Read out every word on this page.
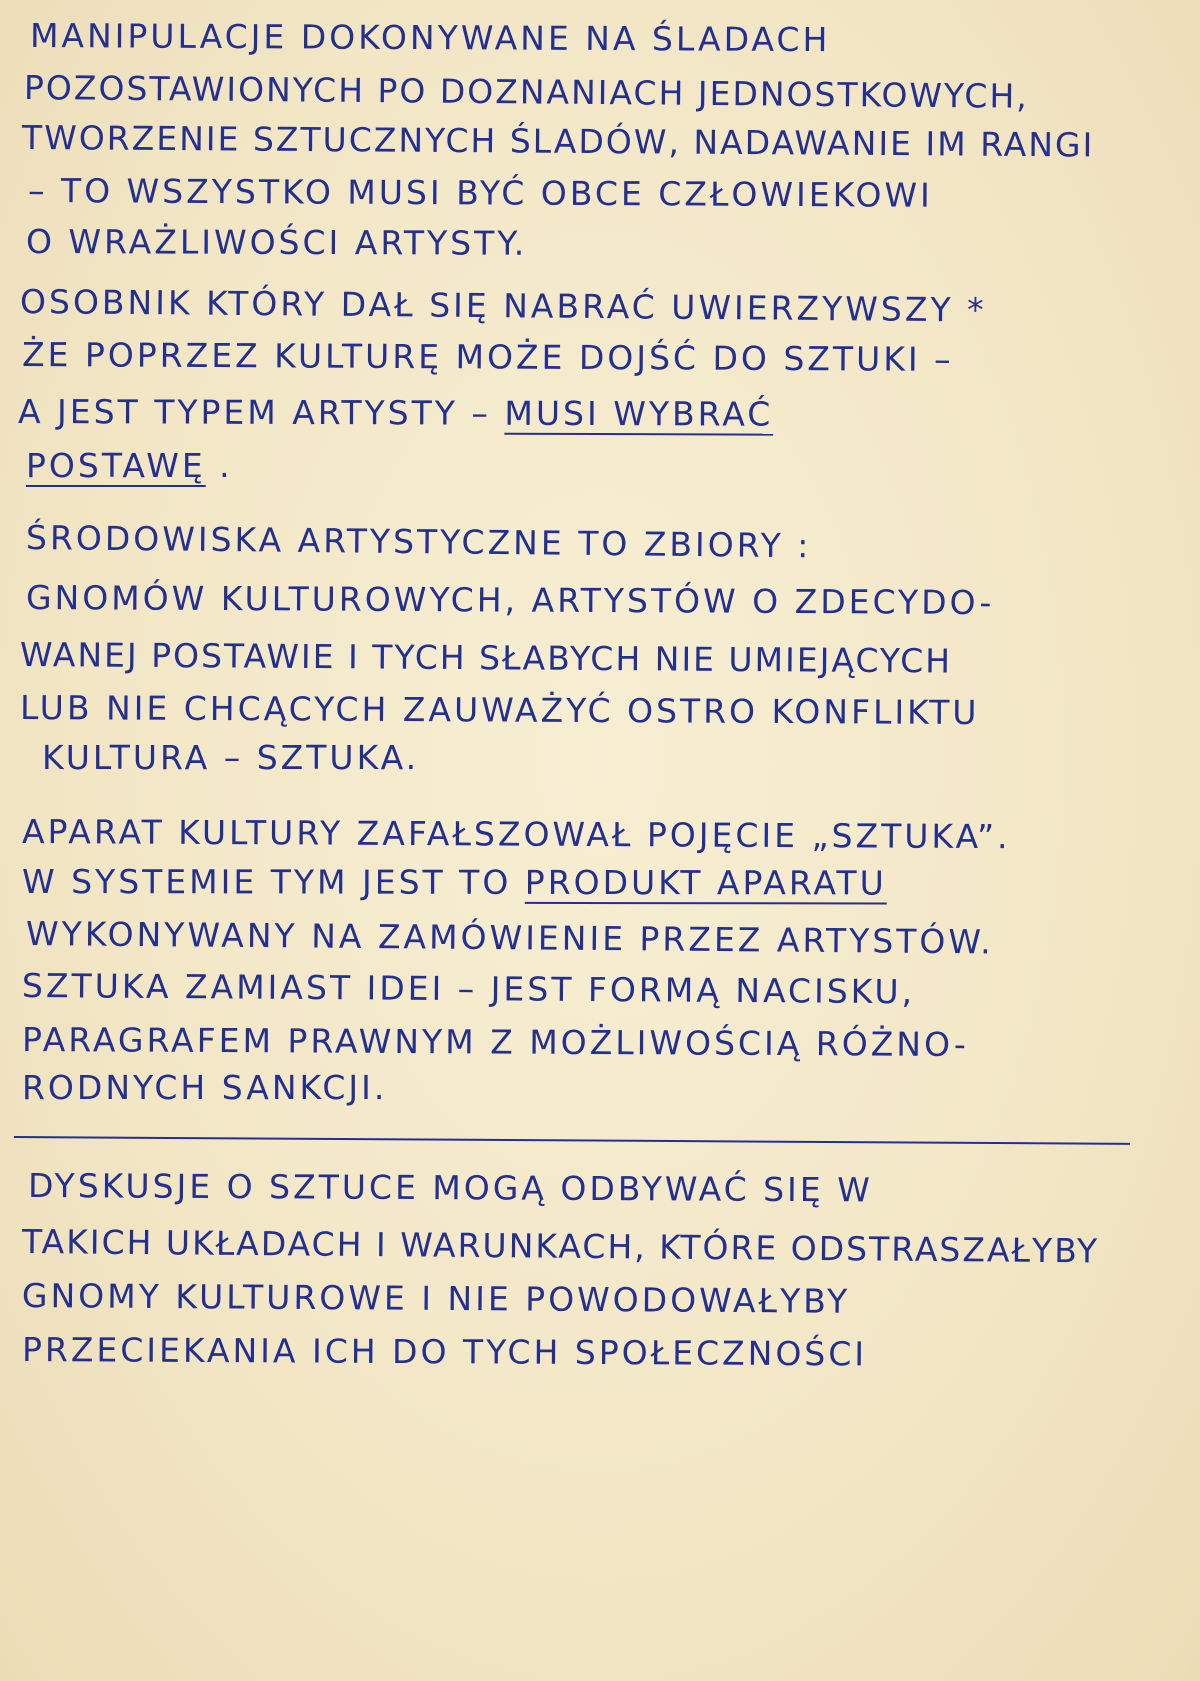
MANIPULACJE DOKONYWANE NA ŚLADACH

POZOSTAWIONYCH PO DOZNANIACH JEDNOSTKOWYCH,

TWORZENIE SZTUCZNYCH ŚLADÓW, NADAWANIE IM RANGI

– TO WSZYSTKO MUSI BYĆ OBCE CZŁOWIEKOWI

O WRAŻLIWOŚCI ARTYSTY.

OSOBNIK KTÓRY DAŁ SIĘ NABRAĆ UWIERZYWSZY *

ŻE POPRZEZ KULTURĘ MOŻE DOJŚĆ DO SZTUKI –

A JEST TYPEM ARTYSTY – MUSI WYBRAĆ

POSTAWĘ .

ŚRODOWISKA ARTYSTYCZNE TO ZBIORY :

GNOMÓW KULTUROWYCH, ARTYSTÓW O ZDECYDO-

WANEJ POSTAWIE I TYCH SŁABYCH NIE UMIEJĄCYCH

LUB NIE CHCĄCYCH ZAUWAŻYĆ OSTRO KONFLIKTU

KULTURA – SZTUKA.

APARAT KULTURY ZAFAŁSZOWAŁ POJĘCIE „SZTUKA”.

W SYSTEMIE TYM JEST TO PRODUKT APARATU

WYKONYWANY NA ZAMÓWIENIE PRZEZ ARTYSTÓW.

SZTUKA ZAMIAST IDEI – JEST FORMĄ NACISKU,

PARAGRAFEM PRAWNYM Z MOŻLIWOŚCIĄ RÓŻNO-

RODNYCH SANKCJI.

DYSKUSJE O SZTUCE MOGĄ ODBYWAĆ SIĘ W

TAKICH UKŁADACH I WARUNKACH, KTÓRE ODSTRASZAŁYBY

GNOMY KULTUROWE I NIE POWODOWAŁYBY

PRZECIEKANIA ICH DO TYCH SPOŁECZNOŚCI
